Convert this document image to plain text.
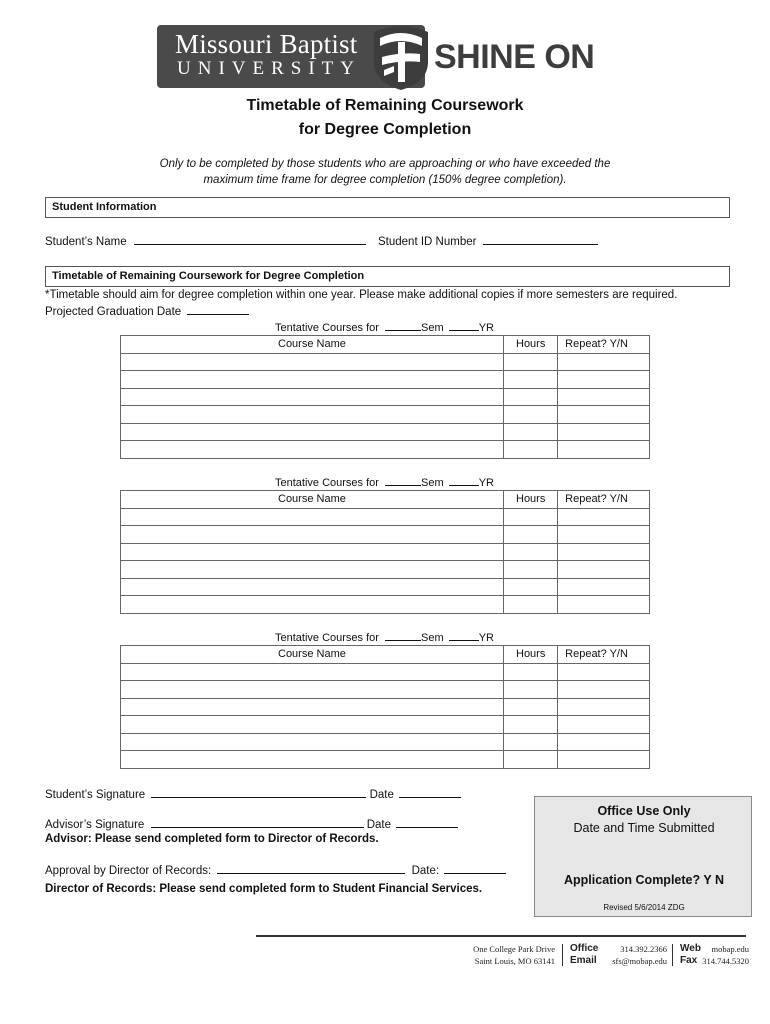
Missouri Baptist
UNIVERSITY SHINE ON
Timetable of Remaining Coursework
for Degree Completion
Only to be completed by those students who are approaching or who have exceeded the
maximum time frame for degree completion (150% degree completion).
Student Information
Student’s Name	Student ID Number
Timetable of Remaining Coursework for Degree Completion
*Timetable should aim for degree completion within one year. Please make additional copies if more semesters are required.
Projected Graduation Date
Tentative Courses for	Sem	YR
Course Name	Hours	Repeat? Y/N

Tentative Courses for	Sem	YR
Course Name	Hours	Repeat? Y/N

Tentative Courses for	Sem	YR
Course Name	Hours	Repeat? Y/N

Student’s Signature	Date
Advisor’s Signature	Date
Advisor: Please send completed form to Director of Records.
Approval by Director of Records:	Date:
Director of Records: Please send completed form to Student Financial Services.
Office Use Only
Date and Time Submitted
Application Complete? Y N
Revised 5/6/2014 ZDG
One College Park Drive
Saint Louis, MO 63141
Office
Email
314.392.2366
sfs@mobap.edu
Web
Fax
mobap.edu
314.744.5320
